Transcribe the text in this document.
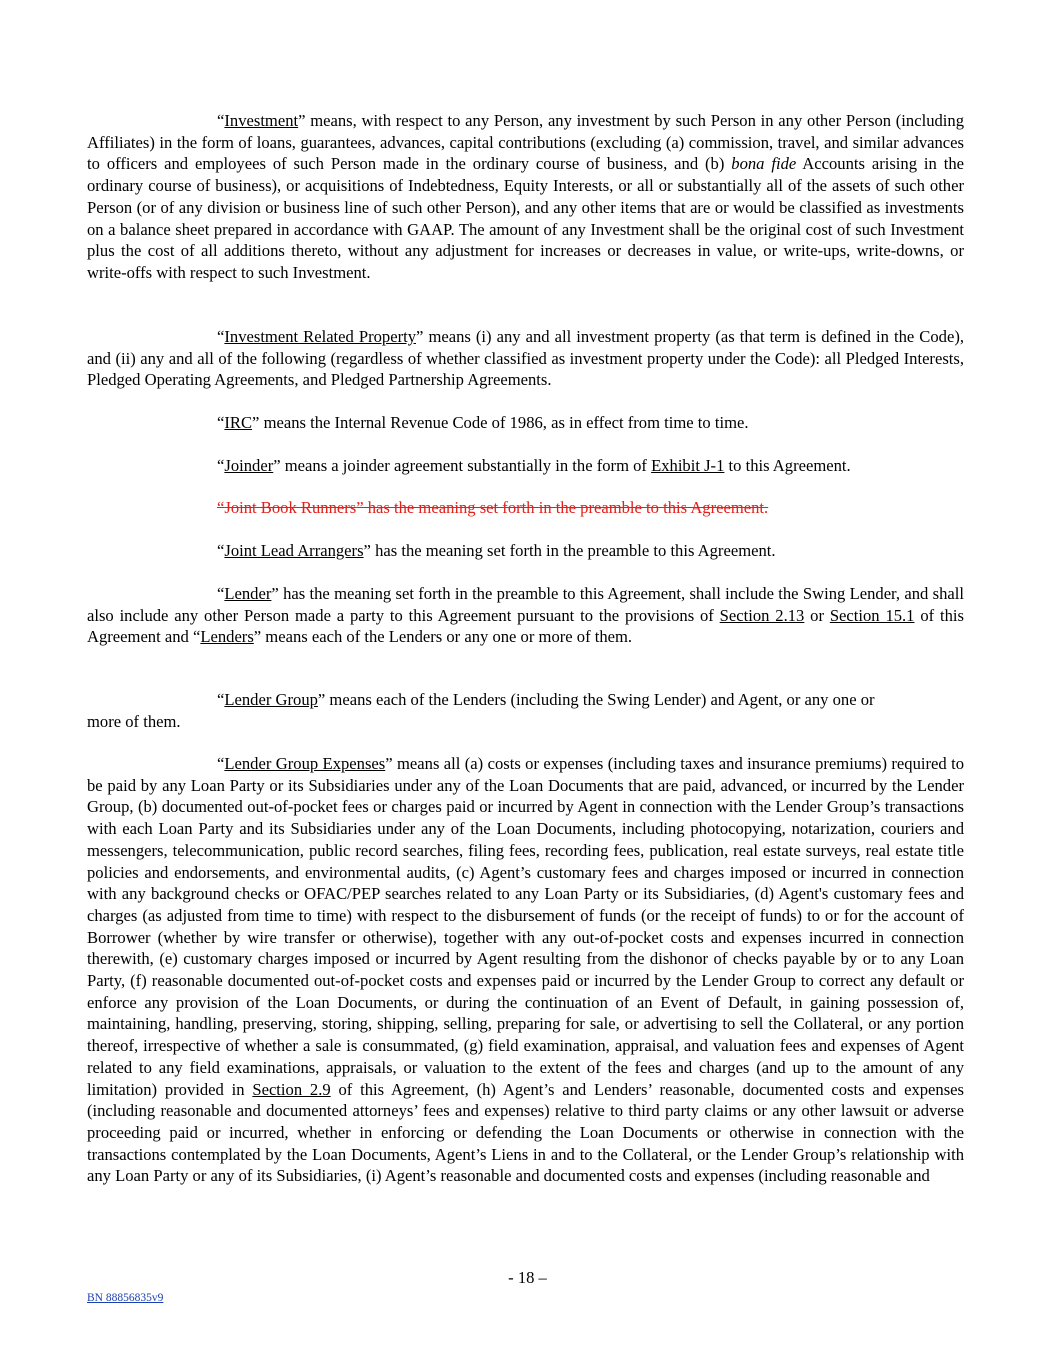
“Investment” means, with respect to any Person, any investment by such Person in any other Person (including Affiliates) in the form of loans, guarantees, advances, capital contributions (excluding (a) commission, travel, and similar advances to officers and employees of such Person made in the ordinary course of business, and (b) bona fide Accounts arising in the ordinary course of business), or acquisitions of Indebtedness, Equity Interests, or all or substantially all of the assets of such other Person (or of any division or business line of such other Person), and any other items that are or would be classified as investments on a balance sheet prepared in accordance with GAAP. The amount of any Investment shall be the original cost of such Investment plus the cost of all additions thereto, without any adjustment for increases or decreases in value, or write-ups, write-downs, or write-offs with respect to such Investment.

“Investment Related Property” means (i) any and all investment property (as that term is defined in the Code), and (ii) any and all of the following (regardless of whether classified as investment property under the Code): all Pledged Interests, Pledged Operating Agreements, and Pledged Partnership Agreements.

“IRC” means the Internal Revenue Code of 1986, as in effect from time to time.

“Joinder” means a joinder agreement substantially in the form of Exhibit J-1 to this Agreement.

“Joint Book Runners” has the meaning set forth in the preamble to this Agreement.

“Joint Lead Arrangers” has the meaning set forth in the preamble to this Agreement.

“Lender” has the meaning set forth in the preamble to this Agreement, shall include the Swing Lender, and shall also include any other Person made a party to this Agreement pursuant to the provisions of Section 2.13 or Section 15.1 of this Agreement and “Lenders” means each of the Lenders or any one or more of them.

“Lender Group” means each of the Lenders (including the Swing Lender) and Agent, or any one or
more of them.

“Lender Group Expenses” means all (a) costs or expenses (including taxes and insurance premiums) required to be paid by any Loan Party or its Subsidiaries under any of the Loan Documents that are paid, advanced, or incurred by the Lender Group, (b) documented out-of-pocket fees or charges paid or incurred by Agent in connection with the Lender Group’s transactions with each Loan Party and its Subsidiaries under any of the Loan Documents, including photocopying, notarization, couriers and messengers, telecommunication, public record searches, filing fees, recording fees, publication, real estate surveys, real estate title policies and endorsements, and environmental audits, (c) Agent’s customary fees and charges imposed or incurred in connection with any background checks or OFAC/PEP searches related to any Loan Party or its Subsidiaries, (d) Agent's customary fees and charges (as adjusted from time to time) with respect to the disbursement of funds (or the receipt of funds) to or for the account of Borrower (whether by wire transfer or otherwise), together with any out-of-pocket costs and expenses incurred in connection therewith, (e) customary charges imposed or incurred by Agent resulting from the dishonor of checks payable by or to any Loan Party, (f) reasonable documented out-of-pocket costs and expenses paid or incurred by the Lender Group to correct any default or enforce any provision of the Loan Documents, or during the continuation of an Event of Default, in gaining possession of, maintaining, handling, preserving, storing, shipping, selling, preparing for sale, or advertising to sell the Collateral, or any portion thereof, irrespective of whether a sale is consummated, (g) field examination, appraisal, and valuation fees and expenses of Agent related to any field examinations, appraisals, or valuation to the extent of the fees and charges (and up to the amount of any limitation) provided in Section 2.9 of this Agreement, (h) Agent’s and Lenders’ reasonable, documented costs and expenses (including reasonable and documented attorneys’ fees and expenses) relative to third party claims or any other lawsuit or adverse proceeding paid or incurred, whether in enforcing or defending the Loan Documents or otherwise in connection with the transactions contemplated by the Loan Documents, Agent’s Liens in and to the Collateral, or the Lender Group’s relationship with any Loan Party or any of its Subsidiaries, (i) Agent’s reasonable and documented costs and expenses (including reasonable and

- 18 –
BN 88856835v9
